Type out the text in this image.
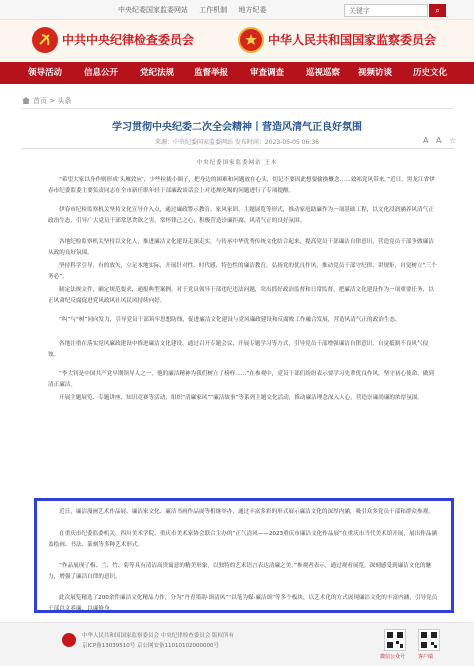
中央纪委国家监委网站 工作机制 地方纪委
关键字	⌕
中共中央纪律检查委员会	中华人民共和国国家监察委员会
领导活动	信息公开	党纪法规 监督举报	审查调查	巡视巡察 视频访谈 历史文化
首页 > 头条
学习贯彻中央纪委二次全会精神丨营造风清气正良好氛围
来源：中央纪委国家监委网站 发布时间：2023-05-05 06:36	A A ☆
中央纪委国家监委网站 王本

“希望大家以身作则形成‘头雁效应’，少些拉拢小圈子，把身边的困难和问题放在心头，切记不要因此想要偷换概念……效祁党风带来。”近日，黑龙江省伊春市纪委监委主要负责同志在全市新任职年轻干部廉政谈话会上对违规吃喝的问题进行了专项提醒。

伊春市纪检监察机关坚持文化宣导介入点，通过廉政警示教育、家风家训、主题展览等形式，推动家庭助廉作为一项基础工程，以文化浸润涵养风清气正政治生态，引导广大党员干部常思贪欲之害，常怀律己之心，积极营造崇廉拒腐、风清气正的良好氛围。

各地纪检监察机关坚持以文化人，推进廉洁文化建设走深走实，与传承中华优秀传统文化结合起来，提高党员干部廉洁自律意识，营造党员干部争做廉洁从政的良好氛围。

坚持科学引导、有的放矢，立足本地实际，开展针对性、时代感、特色性的廉洁教育，弘扬党的优良作风，推动党员干部守纪律、讲规矩，自觉树立“三个务必”。

制定法规文件，确定规范要求，通报典型案例。对于党员领导干部违纪违法问题，突出抓好政治监督和日常监督，把廉洁文化建设作为一项重要任务，以正风肃纪反腐促进党风政风社风民风持续向好。

“纠”与“树”同向发力，引导党员干部筑牢思想防线，促进廉洁文化建设与党风廉政建设和反腐败工作融合发展，营造风清气正的政治生态。

各地注重在落实党风廉政建设中推进廉洁文化建设，通过召开专题会议、开展专题学习等方式，引导党员干部增强廉洁自律意识，自觉抵制不良风气侵蚀。

“李大钊是中国共产党早期领导人之一，他的廉洁精神为我们树立了榜样……”在参观中，党员干部们纷纷表示要学习先辈优良作风，坚守初心使命，做到清正廉洁。

开展主题展览、专题讲座、知识竞赛等活动，组织“清廉家风”“廉洁故事”等系列主题文化活动，推动廉洁理念深入人心，营造崇廉尚廉的浓厚氛围。

近日，廉洁漫画艺术作品展、廉洁家文化、廉洁书画作品展等相继举办，通过丰富多彩的形式展示廉洁文化的深厚内涵，吸引众多党员干部和群众参观。

在重庆市纪委监委机关，四川美术学院、重庆市美术家协会联合主办的“正气清风——2023重庆市廉洁文化作品展”在重庆市当代美术馆开展，展出作品涵盖绘画、书法、篆刻等多种艺术形式。

“作品展现了梅、兰、竹、菊等具有清洁高贵寓意的精美形象，以独特的艺术语言表达清廉之美。”参观者表示，通过观看展览，深刻感受到廉洁文化的魅力，增强了廉洁自律的意识。

此次展览精选了200余件廉洁文化精品力作，分为“丹青墨韵·颂清风”“以笔为媒·廉洁颂”等多个板块，以艺术化的方式展现廉洁文化的丰富内涵，引导党员干部以文养廉、以廉修身。

中华人民共和国国家监察委员会 中央纪律检查委员会 版权所有
京ICP备13039510号 京公网安备11010102000000号
微信公众号	客户端
